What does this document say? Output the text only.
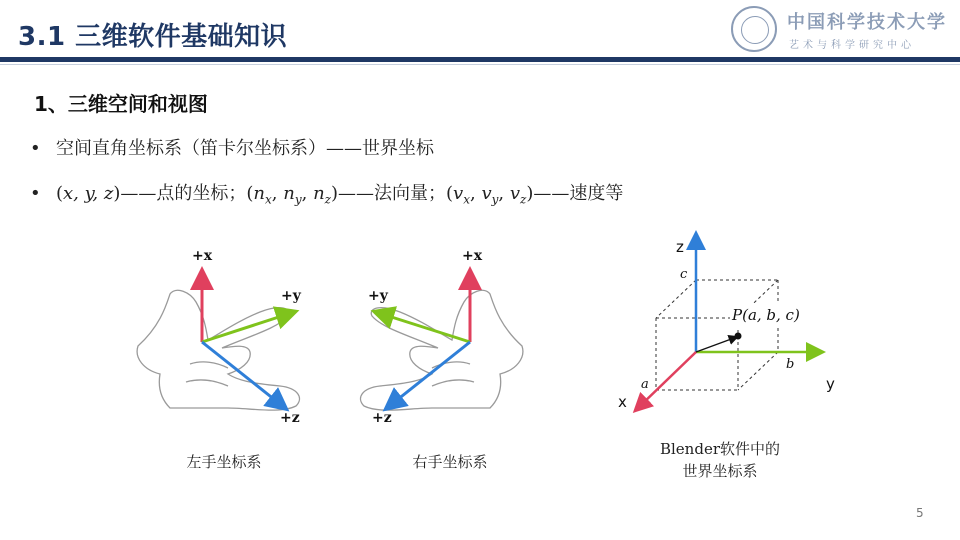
3.1 三维软件基础知识	中国科学技术大学
艺术与科学研究中心
1、三维空间和视图
• 空间直角坐标系（笛卡尔坐标系）——世界坐标
• (x, y, z)——点的坐标；($n_x$, $n_y$, $n_z)——$法向量；($v_x$, $v_y$, $v_z)——$速度等
+x
+y
+z
左手坐标系
+x
+y
+z
右手坐标系
z
y
x
c
b
a
P(a, b, c)
Blender软件中的
世界坐标系
5
